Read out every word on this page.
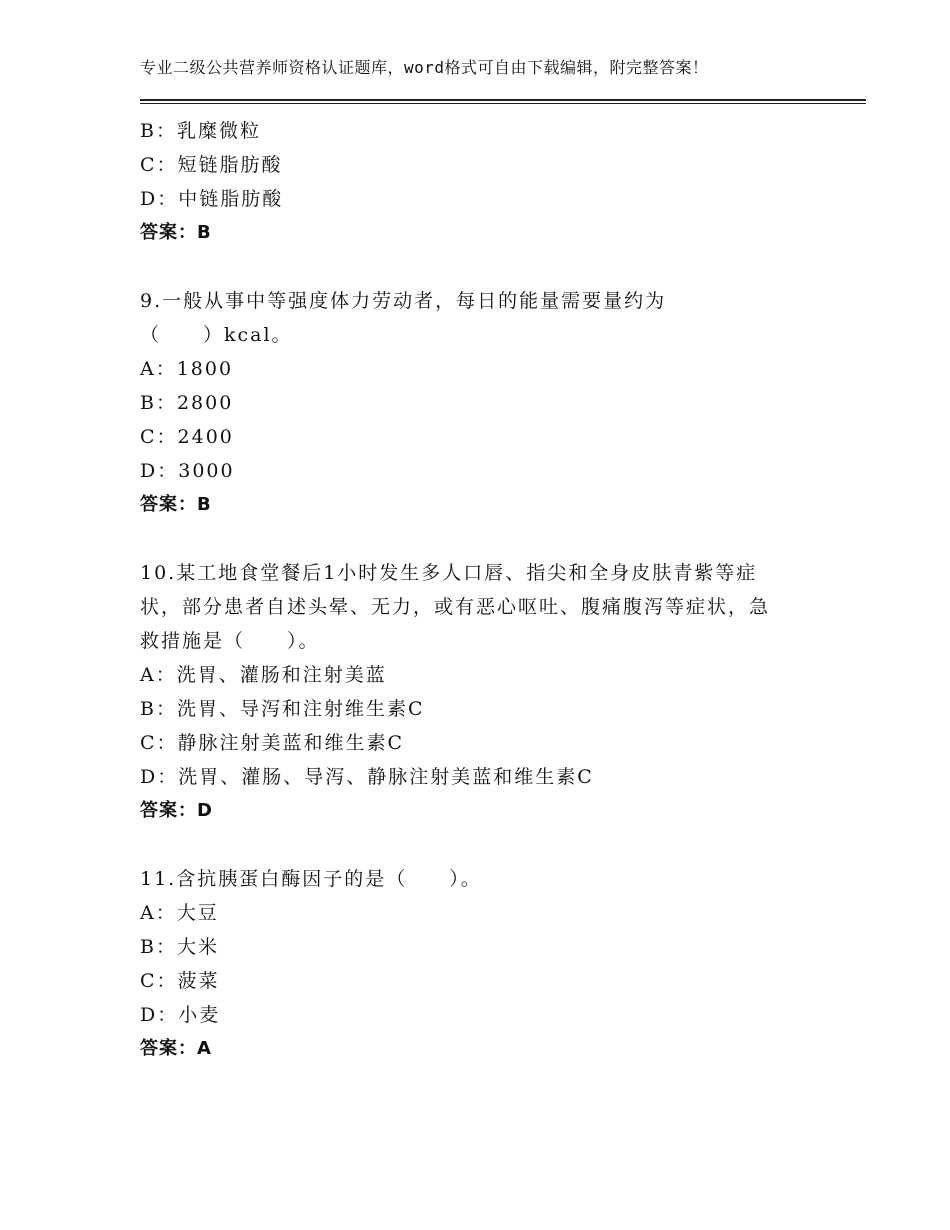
专业二级公共营养师资格认证题库，word格式可自由下载编辑，附完整答案！
B：乳糜微粒
C：短链脂肪酸
D：中链脂肪酸
答案：B
9.一般从事中等强度体力劳动者，每日的能量需要量约为
（　　）kcal。
A：1800
B：2800
C：2400
D：3000
答案：B
10.某工地食堂餐后1小时发生多人口唇、指尖和全身皮肤青紫等症
状，部分患者自述头晕、无力，或有恶心呕吐、腹痛腹泻等症状，急
救措施是（　　）。
A：洗胃、灌肠和注射美蓝
B：洗胃、导泻和注射维生素C
C：静脉注射美蓝和维生素C
D：洗胃、灌肠、导泻、静脉注射美蓝和维生素C
答案：D
11.含抗胰蛋白酶因子的是（　　）。
A：大豆
B：大米
C：菠菜
D：小麦
答案：A
